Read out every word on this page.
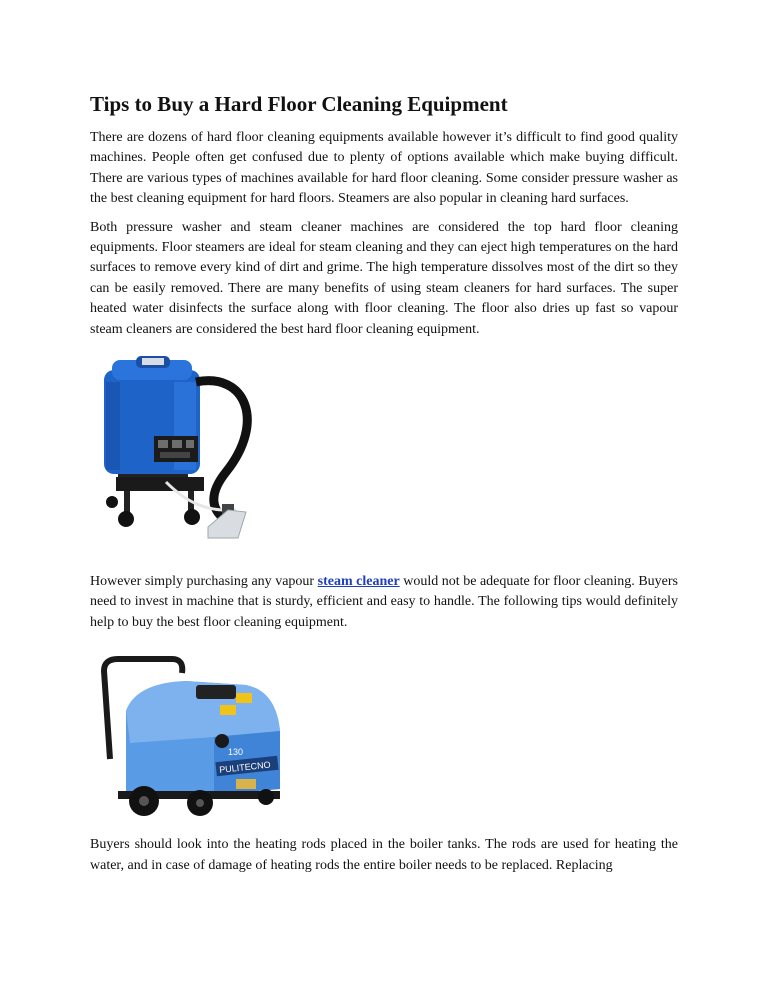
Tips to Buy a Hard Floor Cleaning Equipment

There are dozens of hard floor cleaning equipments available however it’s difficult to find good quality machines. People often get confused due to plenty of options available which make buying difficult. There are various types of machines available for hard floor cleaning. Some consider pressure washer as the best cleaning equipment for hard floors. Steamers are also popular in cleaning hard surfaces.

Both pressure washer and steam cleaner machines are considered the top hard floor cleaning equipments. Floor steamers are ideal for steam cleaning and they can eject high temperatures on the hard surfaces to remove every kind of dirt and grime. The high temperature dissolves most of the dirt so they can be easily removed. There are many benefits of using steam cleaners for hard surfaces. The super heated water disinfects the surface along with floor cleaning. The floor also dries up fast so vapour steam cleaners are considered the best hard floor cleaning equipment.

However simply purchasing any vapour steam cleaner would not be adequate for floor cleaning. Buyers need to invest in machine that is sturdy, efficient and easy to handle. The following tips would definitely help to buy the best floor cleaning equipment.

130
PULITECNO

Buyers should look into the heating rods placed in the boiler tanks. The rods are used for heating the water, and in case of damage of heating rods the entire boiler needs to be replaced. Replacing
